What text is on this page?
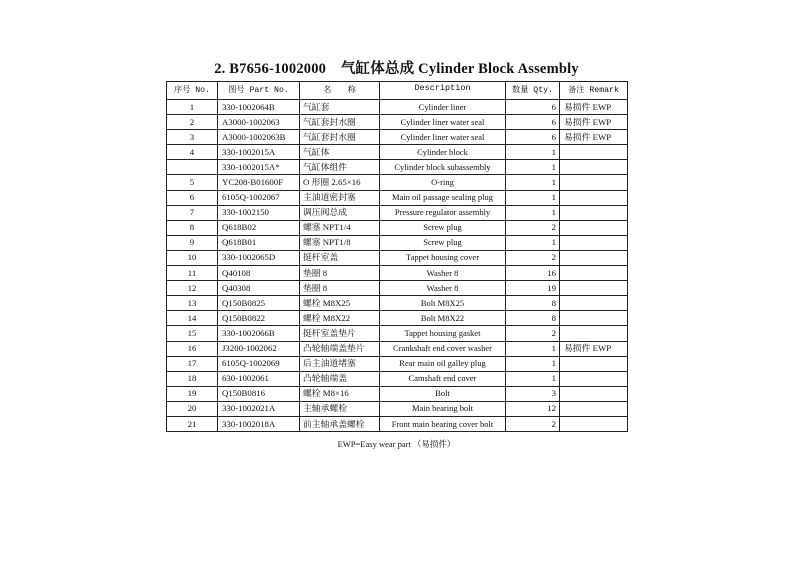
2. B7656-1002000　气缸体总成 Cylinder Block Assembly
序号 No.	图号 Part No.	名　　称	Description	数量 Qty.	备注 Remark
1	330-1002064B	气缸套	Cylinder liner	6	易损件 EWP
2	A3000-1002063	气缸套封水圈	Cylinder liner water seal	6	易损件 EWP
3	A3000-1002063B	气缸套封水圈	Cylinder liner water seal	6	易损件 EWP
4	330-1002015A	气缸体	Cylinder block	1	
	330-1002015A*	气缸体组件	Cylinder block subassembly	1	
5	YC208-B01600F	O 形圈 2.65×16	O-ring	1	
6	6105Q-1002067	主油道密封塞	Main oil passage sealing plug	1	
7	330-1002150	调压阀总成	Pressure regulator assembly	1	
8	Q618B02	螺塞 NPT1/4	Screw plug	2	
9	Q618B01	螺塞 NPT1/8	Screw plug	1	
10	330-1002065D	挺杆室盖	Tappet housing cover	2	
11	Q40108	垫圈 8	Washer 8	16	
12	Q40308	垫圈 8	Washer 8	19	
13	Q150B0825	螺栓 M8X25	Bolt M8X25	8	
14	Q150B0822	螺栓 M8X22	Bolt M8X22	8	
15	330-1002066B	挺杆室盖垫片	Tappet housing gasket	2	
16	J3200-1002062	凸轮轴端盖垫片	Crankshaft end cover washer	1	易损件 EWP
17	6105Q-1002069	后主油道堵塞	Rear main oil galley plug	1	
18	630-1002061	凸轮轴端盖	Camshaft end cover	1	
19	Q150B0816	螺栓 M8×16	Bolt	3	
20	330-1002021A	主轴承螺栓	Main bearing bolt	12	
21	330-1002018A	前主轴承盖螺栓	Front main bearing cover bolt	2	
EWP=Easy wear part （易损件）
